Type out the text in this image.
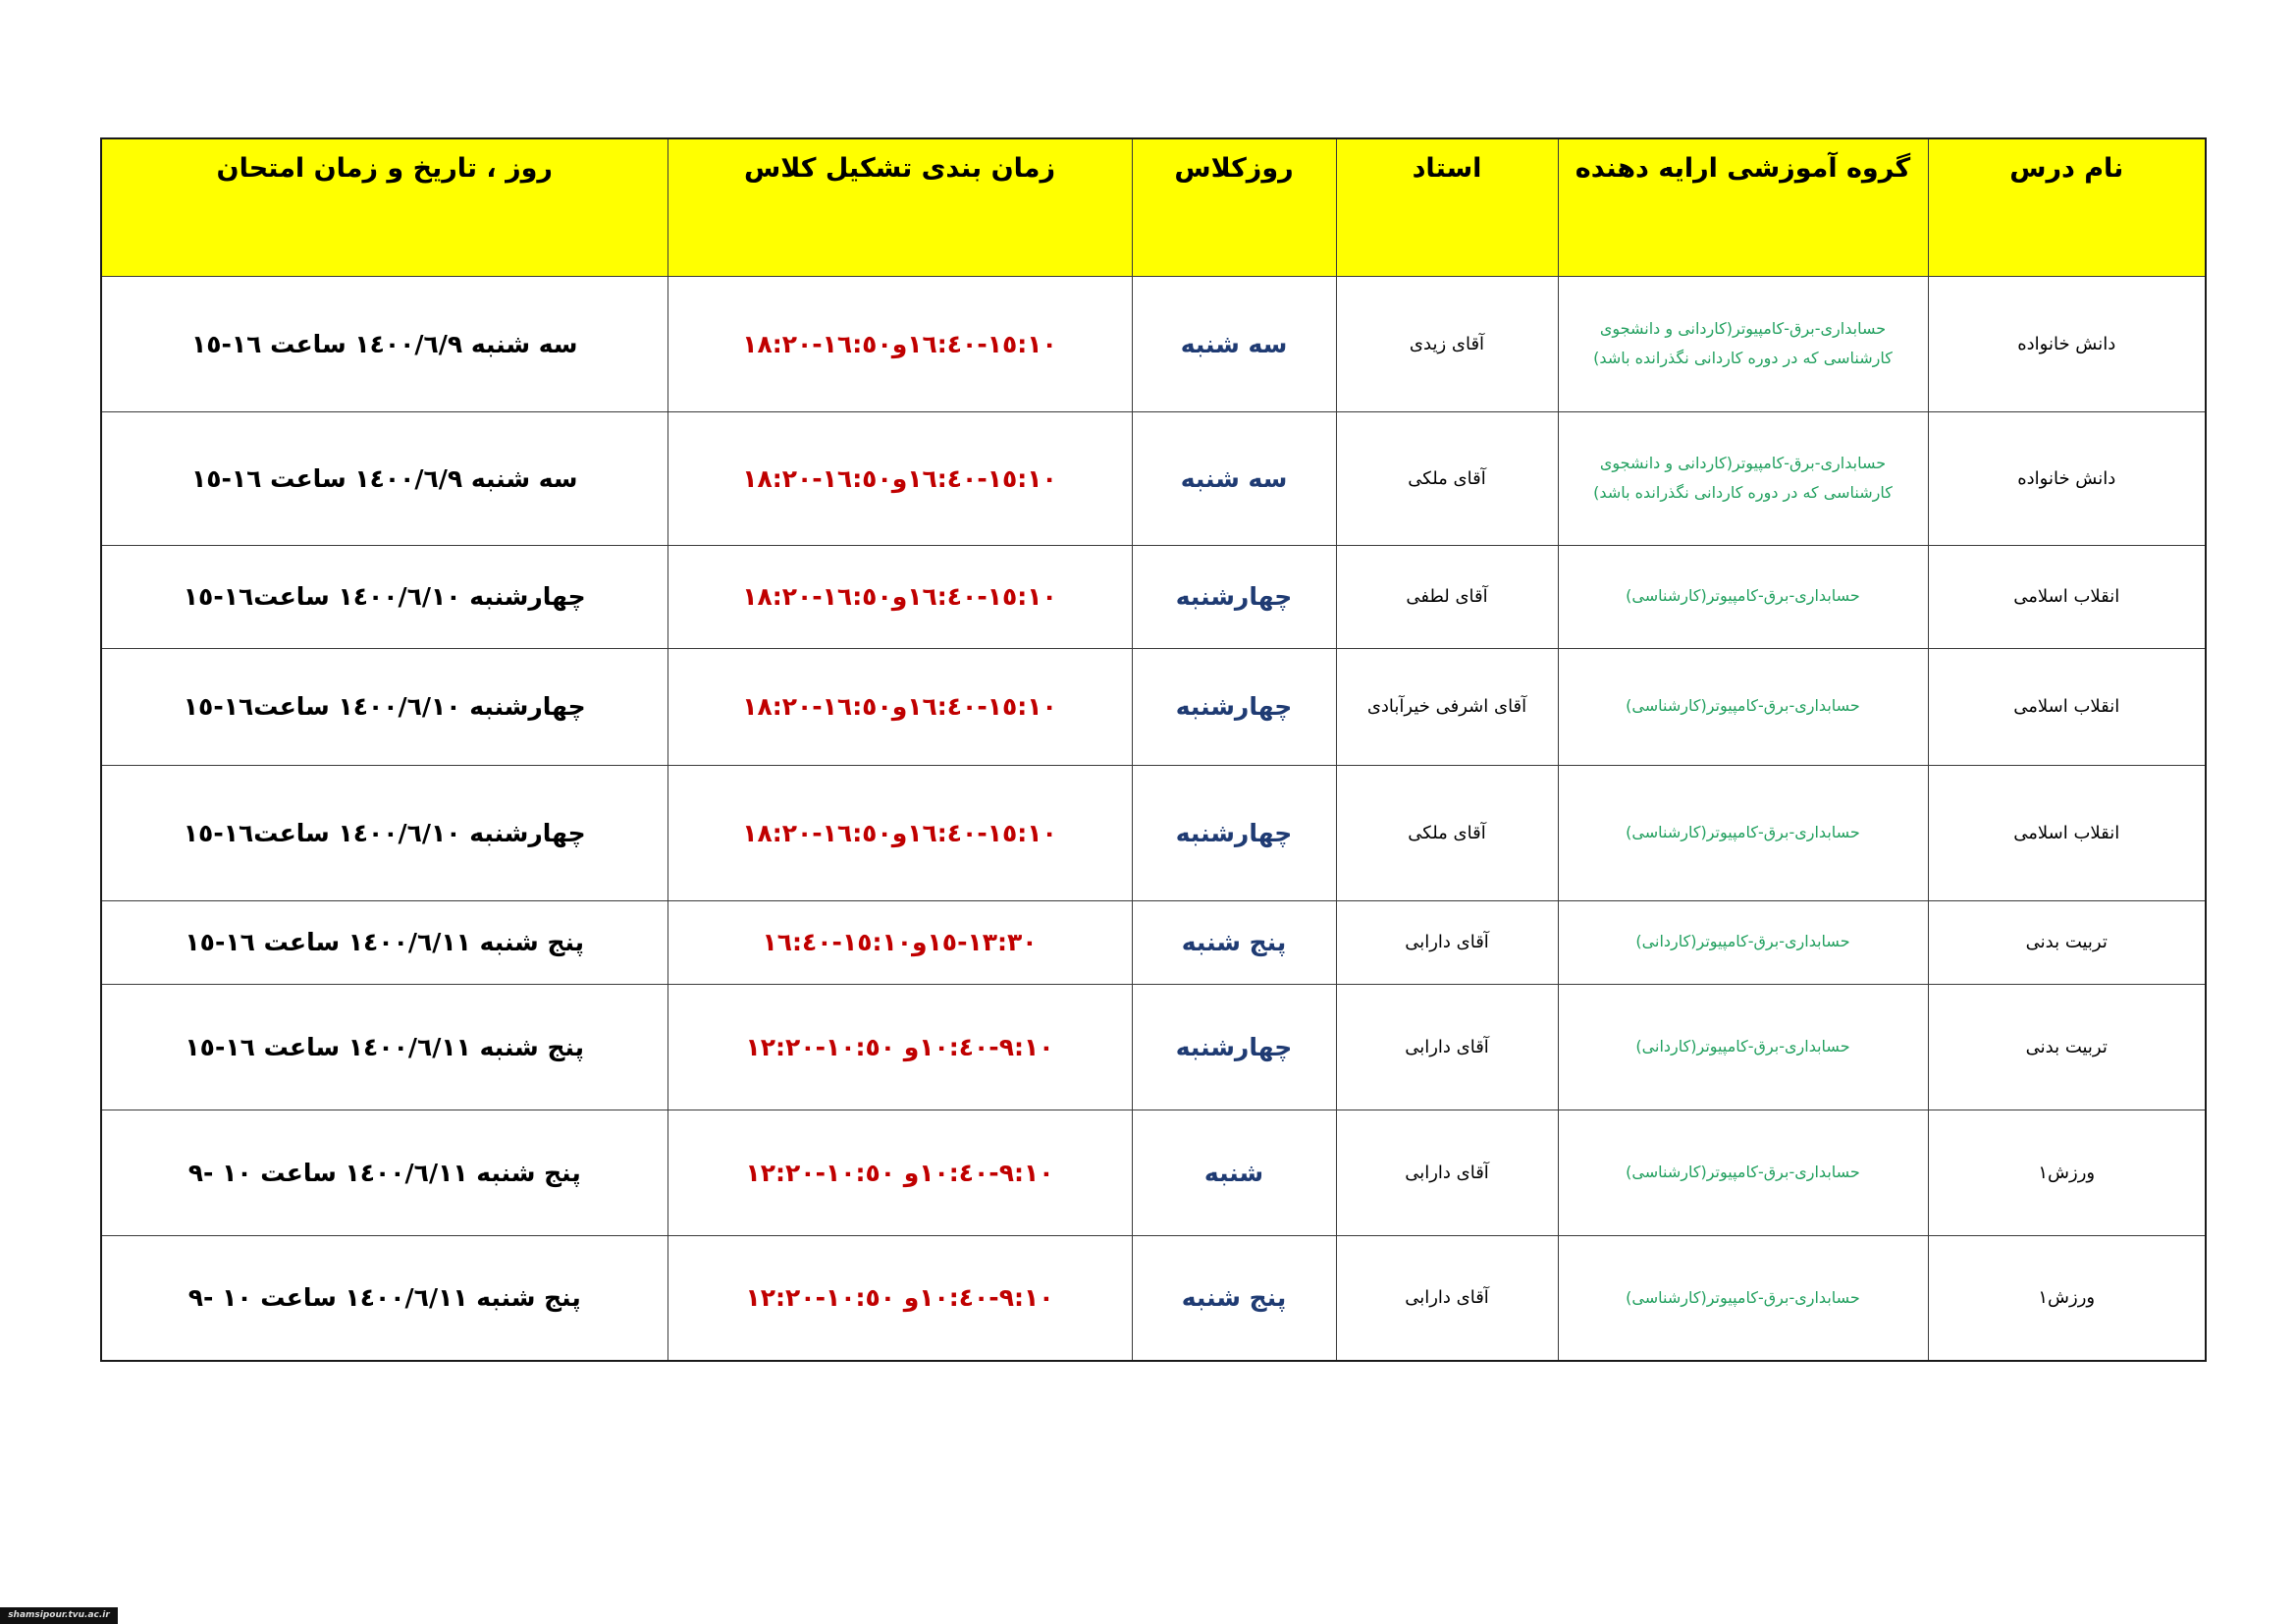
نام درس	گروه آموزشی ارایه دهنده	استاد	روزکلاس	زمان بندی تشکیل کلاس	روز ، تاریخ و زمان امتحان
دانش خانواده	حسابداری-برق-کامپیوتر(کاردانی و دانشجوی
کارشناسی که در دوره کاردانی نگذرانده باشد)	آقای زیدی	سه شنبه	١٥:١٠-١٦:٤٠و١٦:٥٠-١٨:٢٠	سه شنبه ١٤٠٠/٦/٩ ساعت ١٦-١٥
دانش خانواده	حسابداری-برق-کامپیوتر(کاردانی و دانشجوی
کارشناسی که در دوره کاردانی نگذرانده باشد)	آقای ملکی	سه شنبه	١٥:١٠-١٦:٤٠و١٦:٥٠-١٨:٢٠	سه شنبه ١٤٠٠/٦/٩ ساعت ١٦-١٥
انقلاب اسلامی	حسابداری-برق-کامپیوتر(کارشناسی)	آقای لطفی	چهارشنبه	١٥:١٠-١٦:٤٠و١٦:٥٠-١٨:٢٠	چهارشنبه ١٤٠٠/٦/١٠ ساعت١٦-١٥
انقلاب اسلامی	حسابداری-برق-کامپیوتر(کارشناسی)	آقای اشرفی خیرآبادی	چهارشنبه	١٥:١٠-١٦:٤٠و١٦:٥٠-١٨:٢٠	چهارشنبه ١٤٠٠/٦/١٠ ساعت١٦-١٥
انقلاب اسلامی	حسابداری-برق-کامپیوتر(کارشناسی)	آقای ملکی	چهارشنبه	١٥:١٠-١٦:٤٠و١٦:٥٠-١٨:٢٠	چهارشنبه ١٤٠٠/٦/١٠ ساعت١٦-١٥
تربیت بدنی	حسابداری-برق-کامپیوتر(کاردانی)	آقای دارابی	پنج شنبه	١٣:٣٠-١٥و١٥:١٠-١٦:٤٠	پنج شنبه ١٤٠٠/٦/١١ ساعت ١٦-١٥
تربیت بدنی	حسابداری-برق-کامپیوتر(کاردانی)	آقای دارابی	چهارشنبه	٩:١٠-١٠:٤٠و ١٠:٥٠-١٢:٢٠	پنج شنبه ١٤٠٠/٦/١١ ساعت ١٦-١٥
ورزش١	حسابداری-برق-کامپیوتر(کارشناسی)	آقای دارابی	شنبه	٩:١٠-١٠:٤٠و ١٠:٥٠-١٢:٢٠	پنج شنبه ١٤٠٠/٦/١١ ساعت ١٠ -٩
ورزش١	حسابداری-برق-کامپیوتر(کارشناسی)	آقای دارابی	پنج شنبه	٩:١٠-١٠:٤٠و ١٠:٥٠-١٢:٢٠	پنج شنبه ١٤٠٠/٦/١١ ساعت ١٠ -٩
shamsipour.tvu.ac.ir
